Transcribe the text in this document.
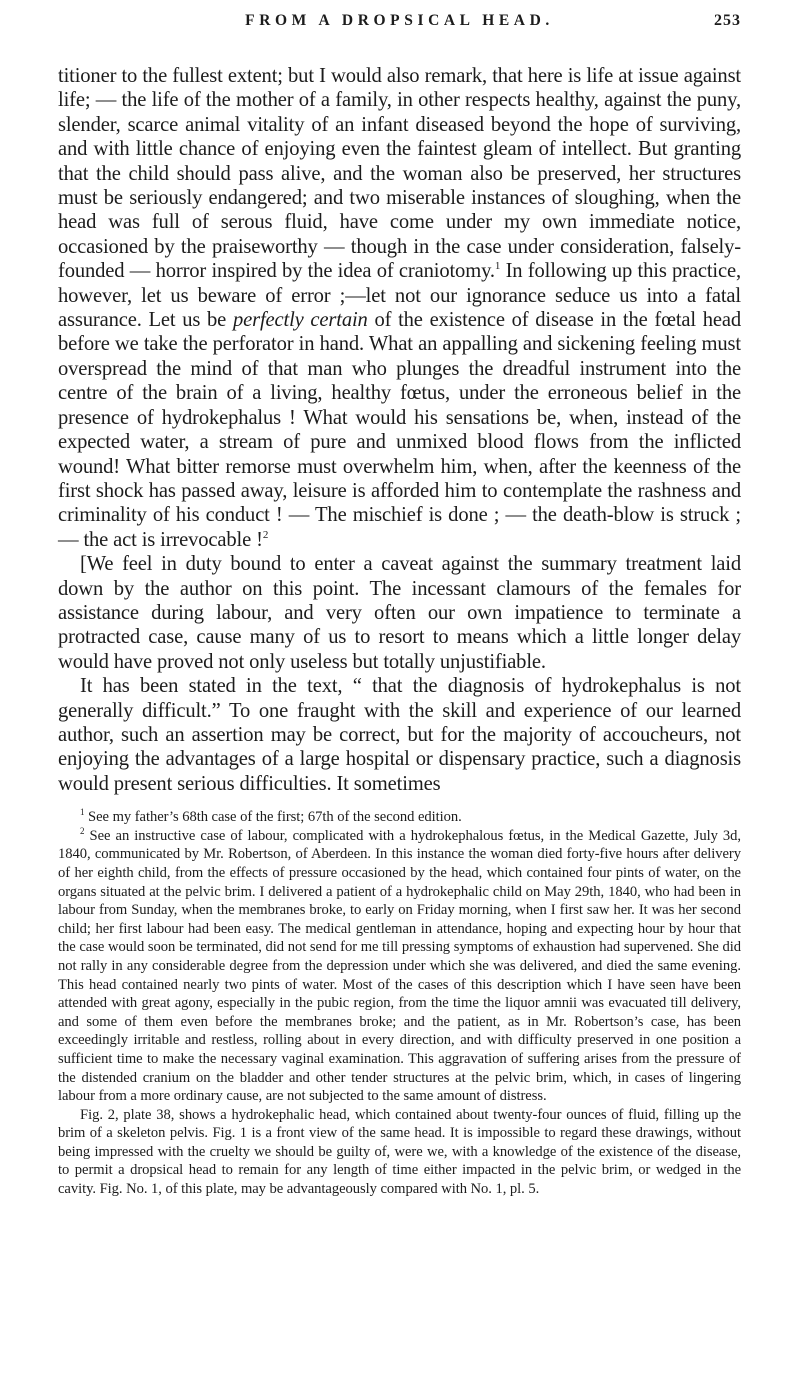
FROM A DROPSICAL HEAD.	253

titioner to the fullest extent; but I would also remark, that here is life at issue against life; — the life of the mother of a family, in other respects healthy, against the puny, slender, scarce animal vitality of an infant diseased beyond the hope of surviving, and with little chance of enjoying even the faintest gleam of intellect. But granting that the child should pass alive, and the woman also be preserved, her structures must be seriously endangered; and two miserable instances of sloughing, when the head was full of serous fluid, have come under my own immediate notice, occasioned by the praiseworthy — though in the case under consideration, falsely-founded — horror inspired by the idea of craniotomy.$^1$ In following up this practice, however, let us beware of error ;—let not our ignorance seduce us into a fatal assurance. Let us be perfectly certain of the existence of disease in the fœtal head before we take the perforator in hand. What an appalling and sickening feeling must overspread the mind of that man who plunges the dreadful instrument into the centre of the brain of a living, healthy fœtus, under the erroneous belief in the presence of hydrokephalus ! What would his sensations be, when, instead of the expected water, a stream of pure and unmixed blood flows from the inflicted wound! What bitter remorse must overwhelm him, when, after the keenness of the first shock has passed away, leisure is afforded him to contemplate the rashness and criminality of his conduct ! — The mischief is done ; — the death-blow is struck ; — the act is irrevocable !$^2$

[We feel in duty bound to enter a caveat against the summary treatment laid down by the author on this point. The incessant clamours of the females for assistance during labour, and very often our own impatience to terminate a protracted case, cause many of us to resort to means which a little longer delay would have proved not only useless but totally unjustifiable.

It has been stated in the text, “ that the diagnosis of hydrokephalus is not generally difficult.” To one fraught with the skill and experience of our learned author, such an assertion may be correct, but for the majority of accoucheurs, not enjoying the advantages of a large hospital or dispensary practice, such a diagnosis would present serious difficulties. It sometimes

$^1$ See my father’s 68th case of the first; 67th of the second edition.

$^2$ See an instructive case of labour, complicated with a hydrokephalous fœtus, in the Medical Gazette, July 3d, 1840, communicated by Mr. Robertson, of Aberdeen. In this instance the woman died forty-five hours after delivery of her eighth child, from the effects of pressure occasioned by the head, which contained four pints of water, on the organs situated at the pelvic brim. I delivered a patient of a hydrokephalic child on May 29th, 1840, who had been in labour from Sunday, when the membranes broke, to early on Friday morning, when I first saw her. It was her second child; her first labour had been easy. The medical gentleman in attendance, hoping and expecting hour by hour that the case would soon be terminated, did not send for me till pressing symptoms of exhaustion had supervened. She did not rally in any considerable degree from the depression under which she was delivered, and died the same evening. This head contained nearly two pints of water. Most of the cases of this description which I have seen have been attended with great agony, especially in the pubic region, from the time the liquor amnii was evacuated till delivery, and some of them even before the membranes broke; and the patient, as in Mr. Robertson’s case, has been exceedingly irritable and restless, rolling about in every direction, and with difficulty preserved in one position a sufficient time to make the necessary vaginal examination. This aggravation of suffering arises from the pressure of the distended cranium on the bladder and other tender structures at the pelvic brim, which, in cases of lingering labour from a more ordinary cause, are not subjected to the same amount of distress.

Fig. 2, plate 38, shows a hydrokephalic head, which contained about twenty-four ounces of fluid, filling up the brim of a skeleton pelvis. Fig. 1 is a front view of the same head. It is impossible to regard these drawings, without being impressed with the cruelty we should be guilty of, were we, with a knowledge of the existence of the disease, to permit a dropsical head to remain for any length of time either impacted in the pelvic brim, or wedged in the cavity. Fig. No. 1, of this plate, may be advantageously compared with No. 1, pl. 5.
